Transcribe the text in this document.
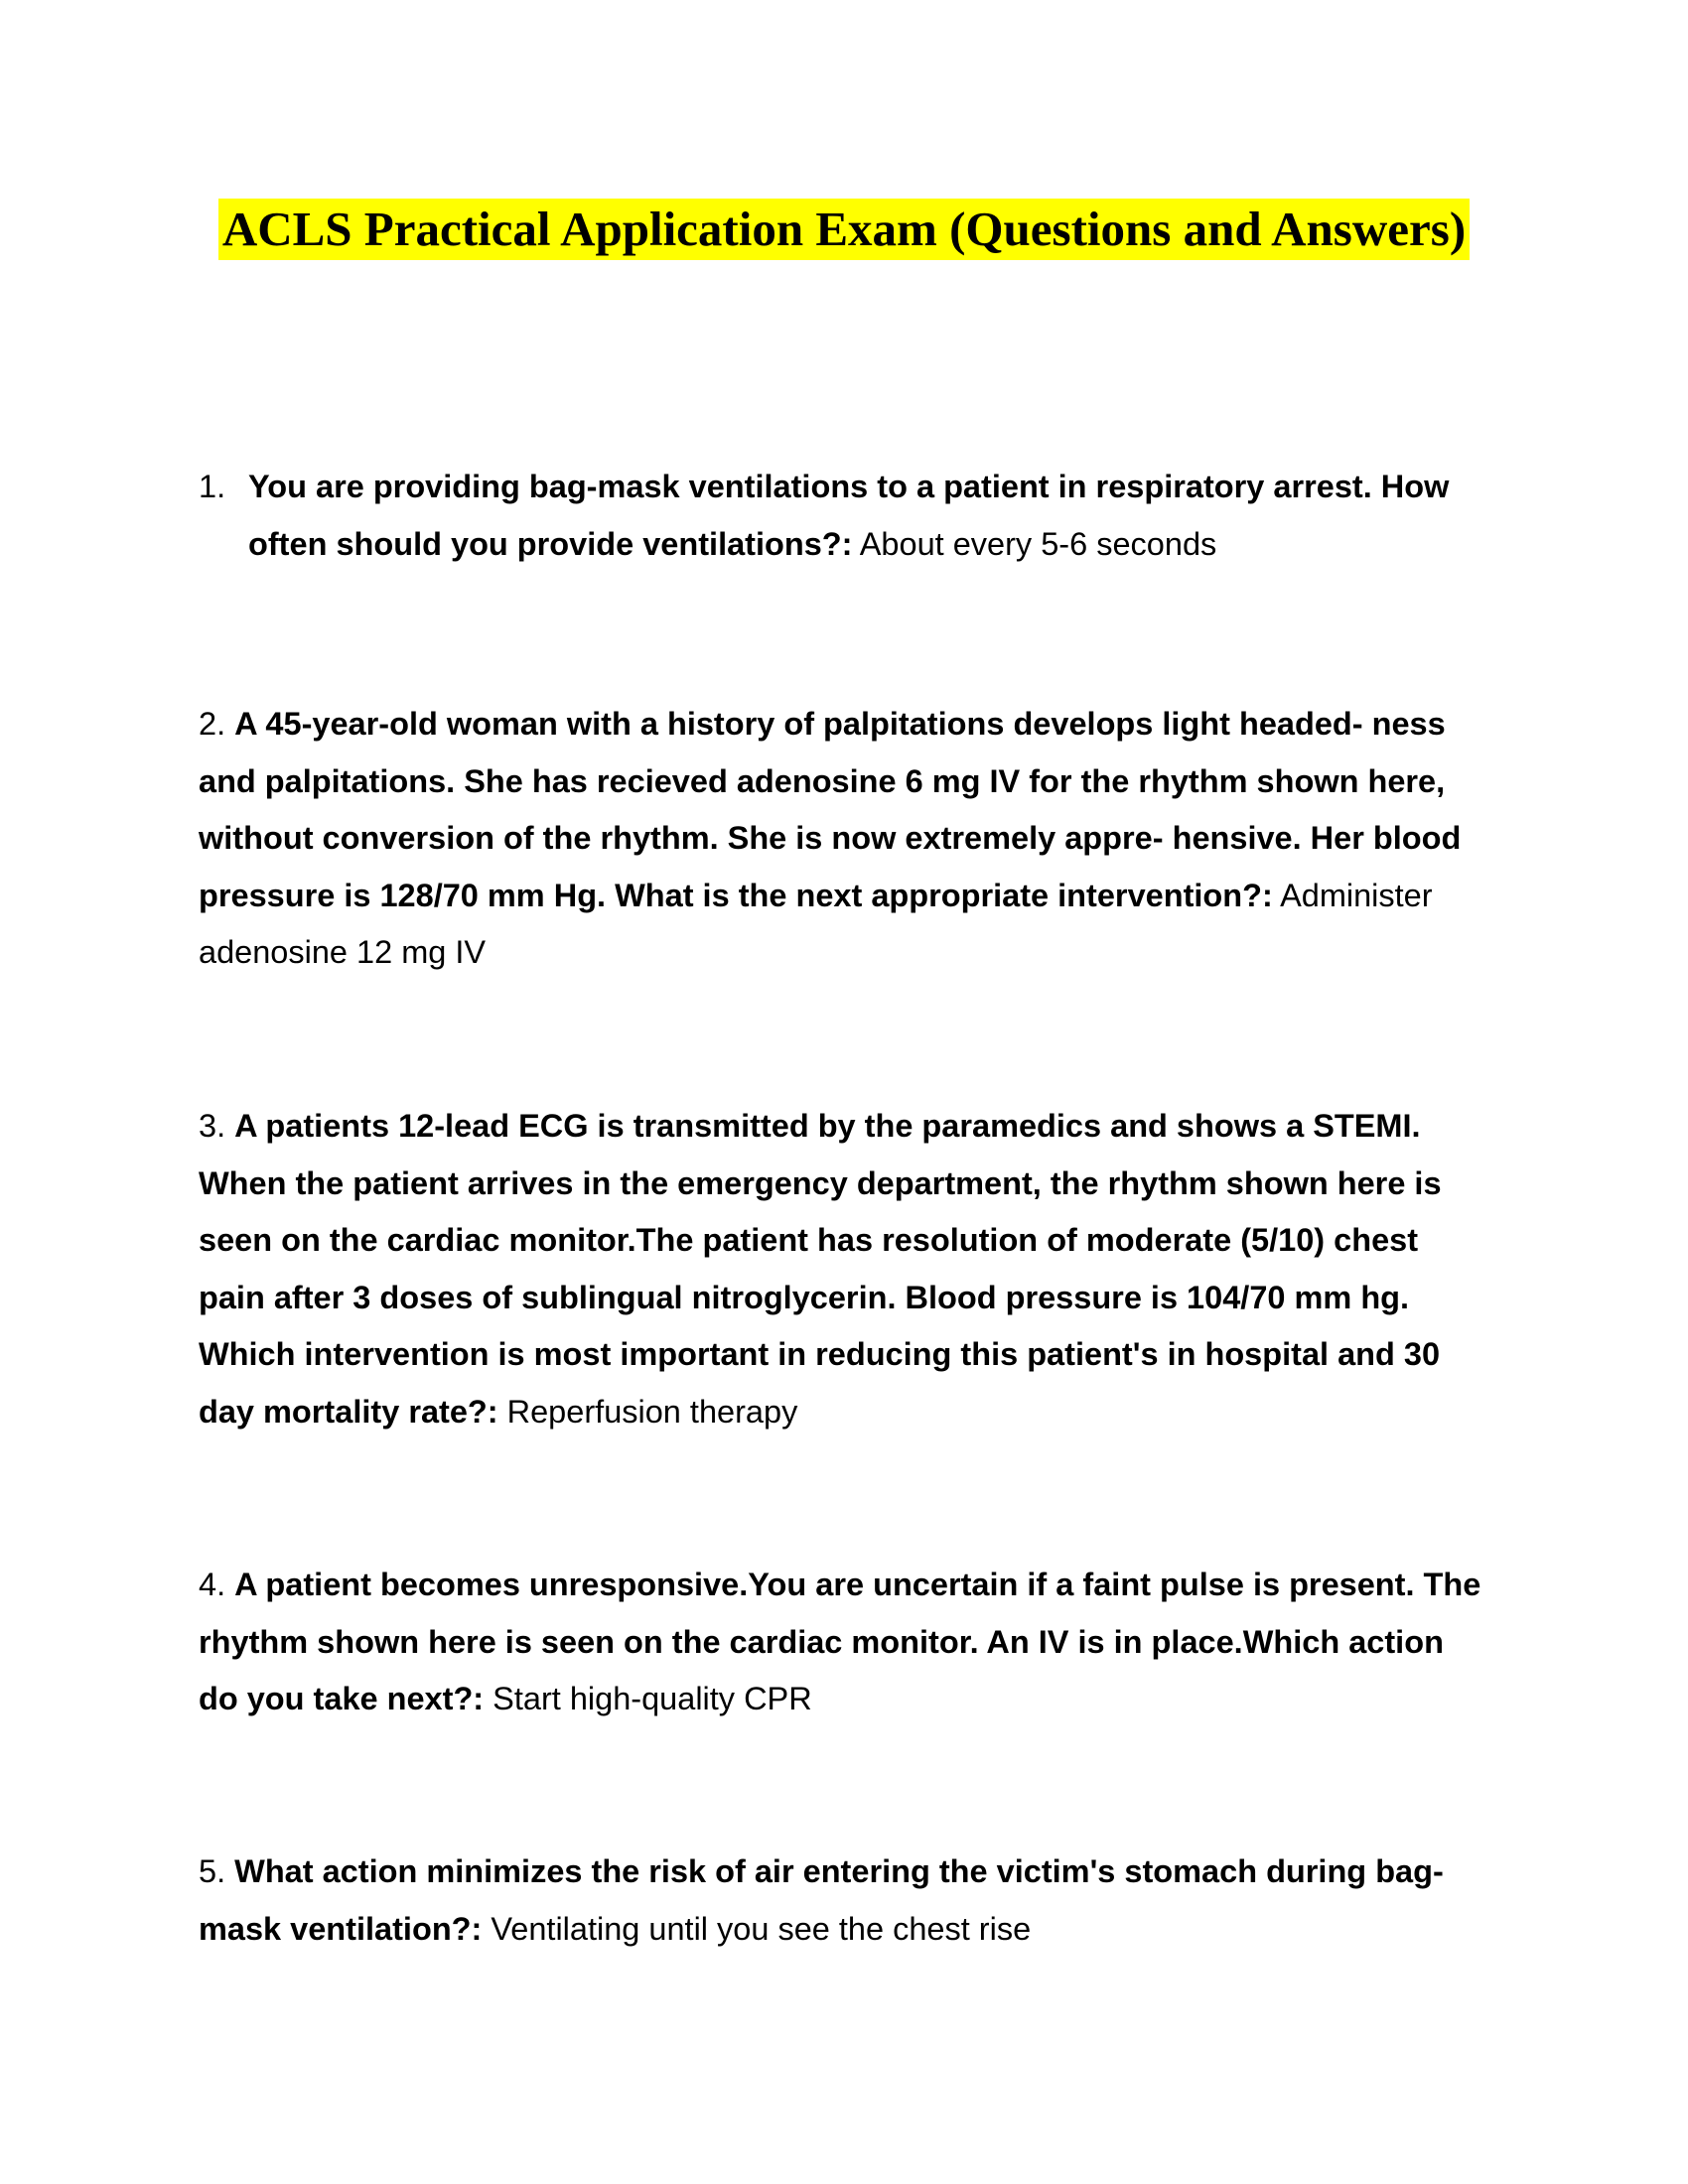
ACLS Practical Application Exam (Questions and Answers)
1. You are providing bag-mask ventilations to a patient in respiratory arrest. How often should you provide ventilations?: About every 5-6 seconds
2. A 45-year-old woman with a history of palpitations develops light headed- ness and palpitations. She has recieved adenosine 6 mg IV for the rhythm shown here, without conversion of the rhythm. She is now extremely appre- hensive. Her blood pressure is 128/70 mm Hg. What is the next appropriate intervention?: Administer adenosine 12 mg IV
3. A patients 12-lead ECG is transmitted by the paramedics and shows a STEMI. When the patient arrives in the emergency department, the rhythm shown here is seen on the cardiac monitor.The patient has resolution of moderate (5/10) chest pain after 3 doses of sublingual nitroglycerin. Blood pressure is 104/70 mm hg. Which intervention is most important in reducing this patient's in hospital and 30 day mortality rate?: Reperfusion therapy
4. A patient becomes unresponsive.You are uncertain if a faint pulse is present. The rhythm shown here is seen on the cardiac monitor. An IV is in place.Which action do you take next?: Start high-quality CPR
5. What action minimizes the risk of air entering the victim's stomach during bag-mask ventilation?: Ventilating until you see the chest rise
